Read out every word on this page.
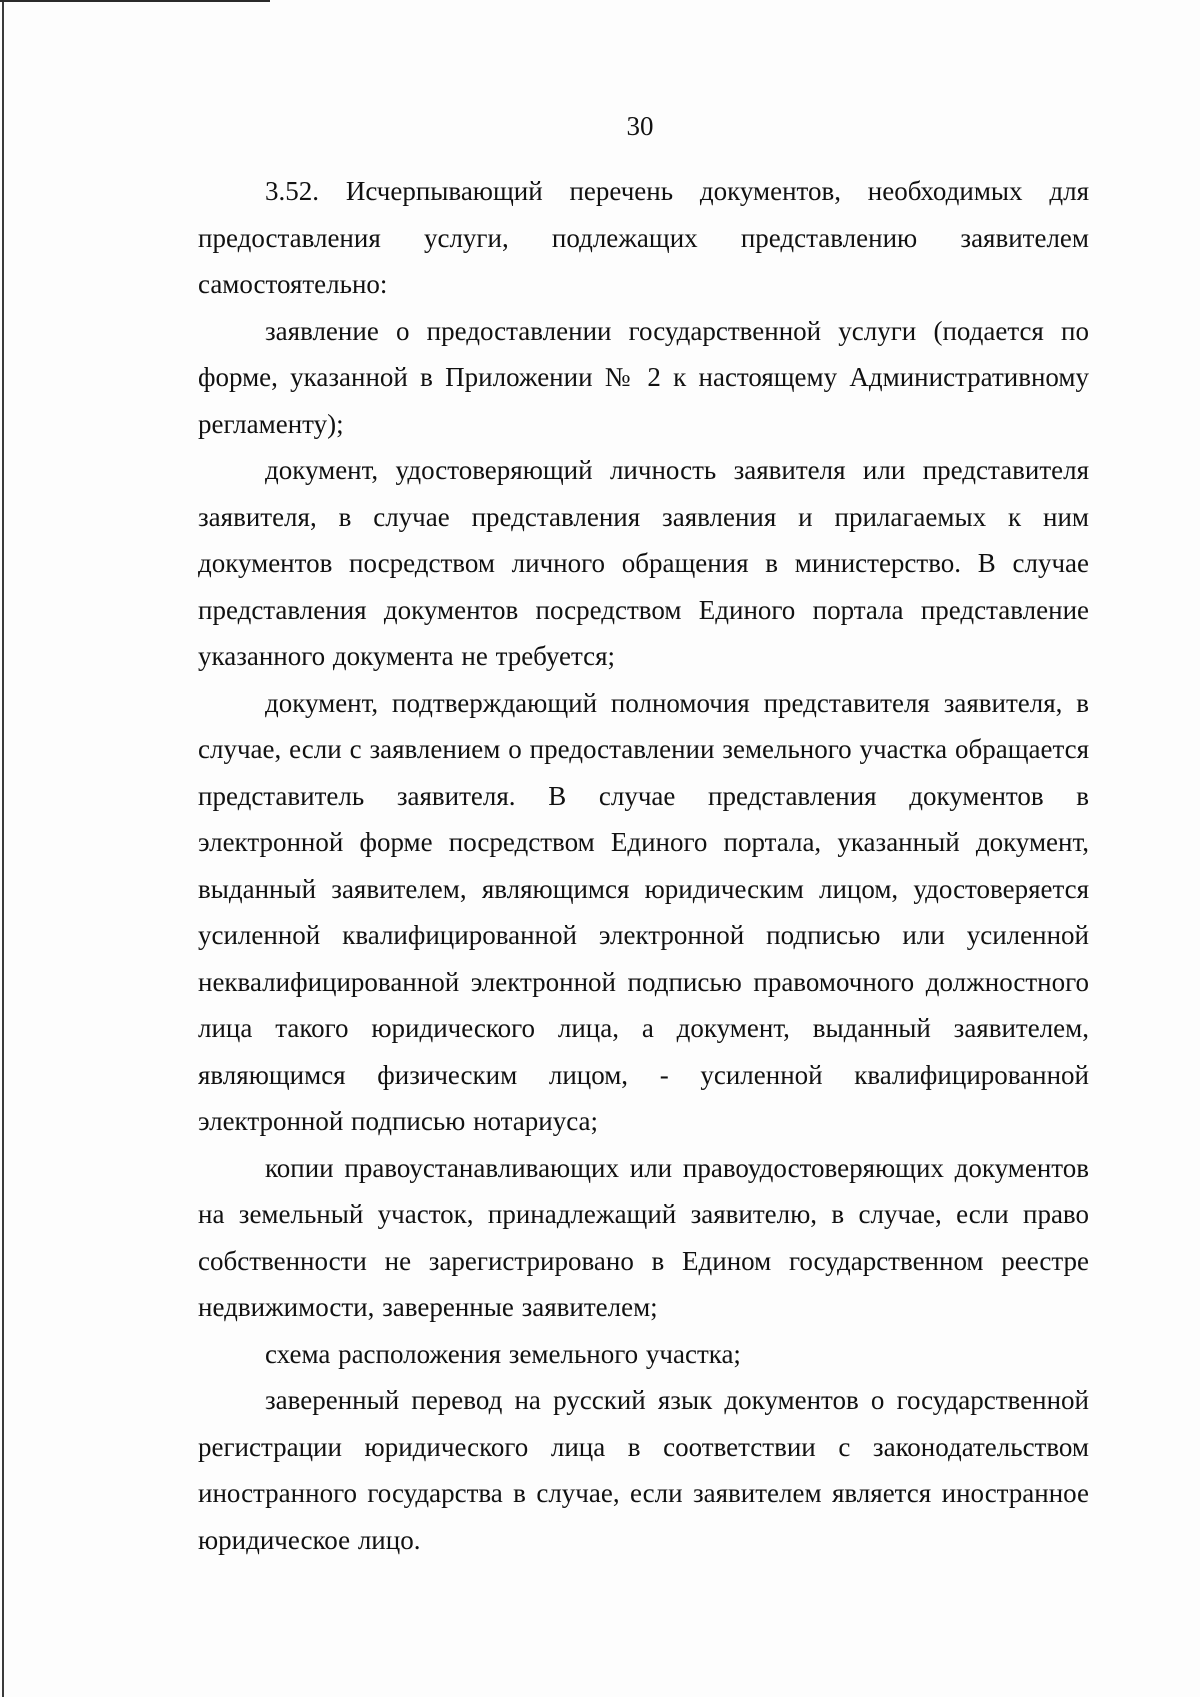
30

3.52. Исчерпывающий перечень документов, необходимых для предоставления услуги, подлежащих представлению заявителем самостоятельно:

заявление о предоставлении государственной услуги (подается по форме, указанной в Приложении № 2 к настоящему Административному регламенту);

документ, удостоверяющий личность заявителя или представителя заявителя, в случае представления заявления и прилагаемых к ним документов посредством личного обращения в министерство. В случае представления документов посредством Единого портала представление указанного документа не требуется;

документ, подтверждающий полномочия представителя заявителя, в случае, если с заявлением о предоставлении земельного участка обращается представитель заявителя. В случае представления документов в электронной форме посредством Единого портала, указанный документ, выданный заявителем, являющимся юридическим лицом, удостоверяется усиленной квалифицированной электронной подписью или усиленной неквалифицированной электронной подписью правомочного должностного лица такого юридического лица, а документ, выданный заявителем, являющимся физическим лицом, - усиленной квалифицированной электронной подписью нотариуса;

копии правоустанавливающих или правоудостоверяющих документов на земельный участок, принадлежащий заявителю, в случае, если право собственности не зарегистрировано в Едином государственном реестре недвижимости, заверенные заявителем;

схема расположения земельного участка;

заверенный перевод на русский язык документов о государственной регистрации юридического лица в соответствии с законодательством иностранного государства в случае, если заявителем является иностранное юридическое лицо.
